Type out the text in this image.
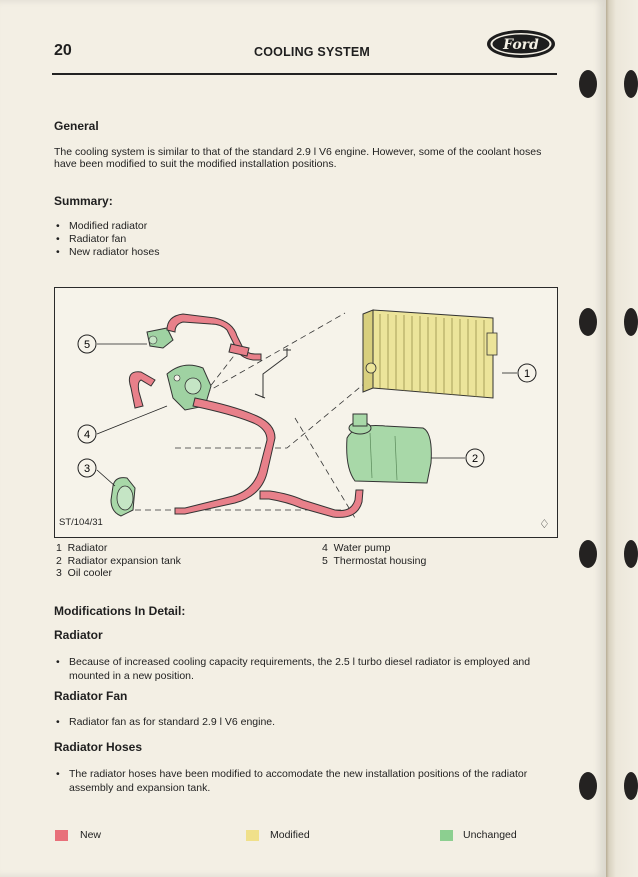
20	COOLING SYSTEM	Ford
General
The cooling system is similar to that of the standard 2.9 l V6 engine. However, some of the coolant hoses
have been modified to suit the modified installation positions.
Summary:
• Modified radiator
• Radiator fan
• New radiator hoses
1
2
3
4
5
ST/104/31	♢
1  Radiator
2  Radiator expansion tank
3  Oil cooler
4  Water pump
5  Thermostat housing
Modifications In Detail:
Radiator
• Because of increased cooling capacity requirements, the 2.5 l turbo diesel radiator is employed and
mounted in a new position.
Radiator Fan
• Radiator fan as for standard 2.9 l V6 engine.
Radiator Hoses
• The radiator hoses have been modified to accomodate the new installation positions of the radiator
assembly and expansion tank.
New	Modified	Unchanged
